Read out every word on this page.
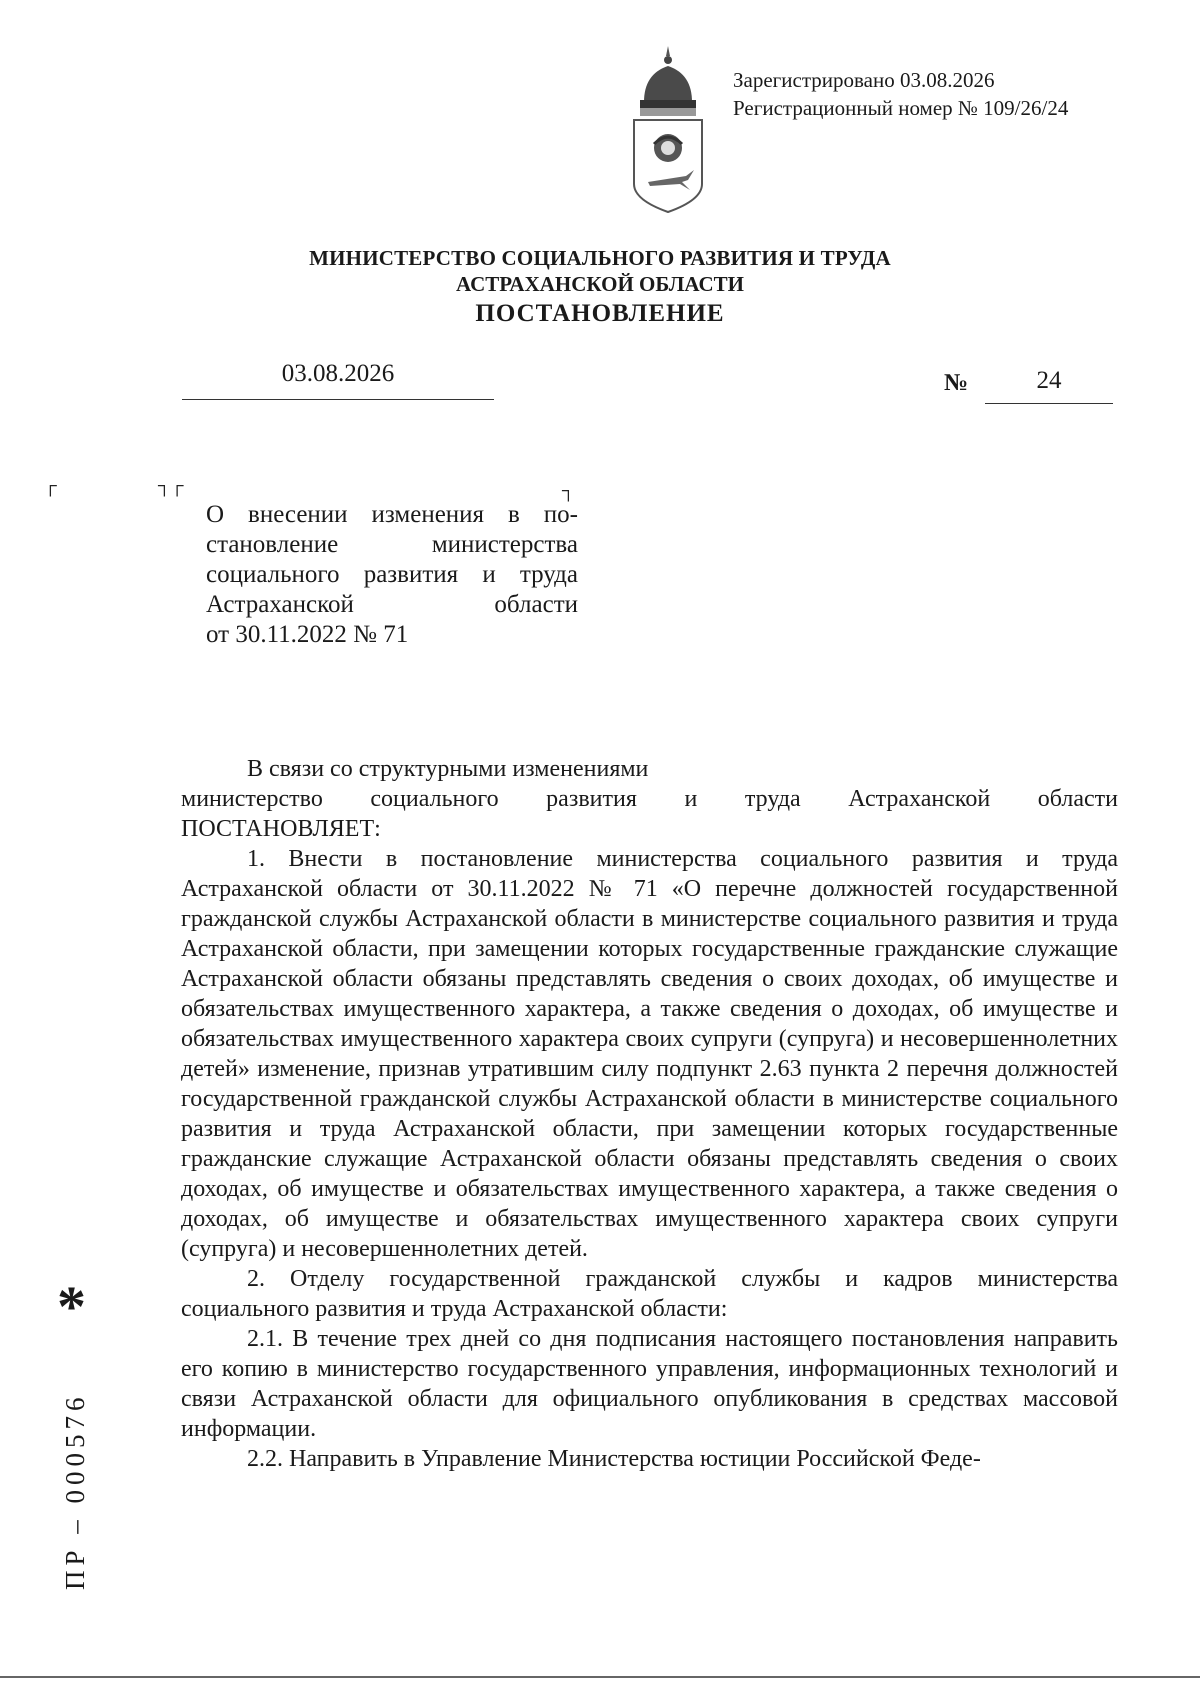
Зарегистрировано 03.08.2026
Регистрационный номер № 109/26/24
МИНИСТЕРСТВО СОЦИАЛЬНОГО РАЗВИТИЯ И ТРУДА
АСТРАХАНСКОЙ ОБЛАСТИ
ПОСТАНОВЛЕНИЕ
03.08.2026	№	24
┌	┐┌	┐
О внесении изменения в по-
становление министерства
социального развития и труда
Астраханской области
от 30.11.2022 № 71

В связи со структурными изменениями

министерство социального развития и труда Астраханской области

ПОСТАНОВЛЯЕТ:

1. Внести в постановление министерства социального развития и труда Астраханской области от 30.11.2022 № 71 «О перечне должностей государственной гражданской службы Астраханской области в министерстве социального развития и труда Астраханской области, при замещении которых государственные гражданские служащие Астраханской области обязаны представлять сведения о своих доходах, об имуществе и обязательствах имущественного характера, а также сведения о доходах, об имуществе и обязательствах имущественного характера своих супруги (супруга) и несовершеннолетних детей» изменение, признав утратившим силу подпункт 2.63 пункта 2 перечня должностей государственной гражданской службы Астраханской области в министерстве социального развития и труда Астраханской области, при замещении которых государственные гражданские служащие Астраханской области обязаны представлять сведения о своих доходах, об имуществе и обязательствах имущественного характера, а также сведения о доходах, об имуществе и обязательствах имущественного характера своих супруги (супруга) и несовершеннолетних детей.

2. Отделу государственной гражданской службы и кадров министерства социального развития и труда Астраханской области:

2.1. В течение трех дней со дня подписания настоящего постановления направить его копию в министерство государственного управления, информационных технологий и связи Астраханской области для официального опубликования в средствах массовой информации.

2.2. Направить в Управление Министерства юстиции Российской Феде-

*
ПР – 000576
